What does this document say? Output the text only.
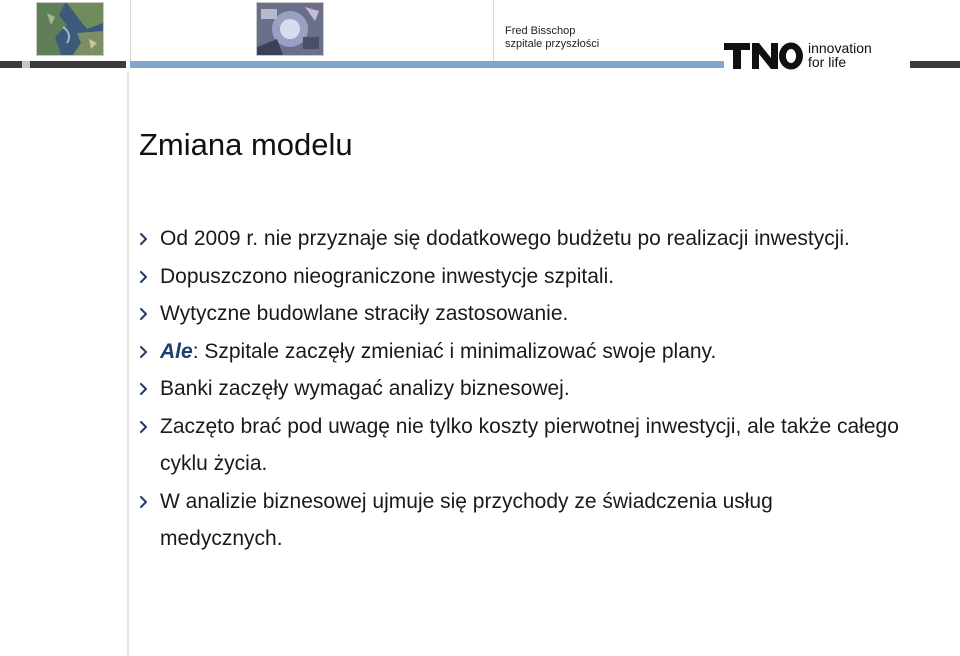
Fred Bisschop
szpitale przyszłości	innovation
for life
Zmiana modelu
Od 2009 r. nie przyznaje się dodatkowego budżetu po realizacji inwestycji.
Dopuszczono nieograniczone inwestycje szpitali.
Wytyczne budowlane straciły zastosowanie.
Ale: Szpitale zaczęły zmieniać i minimalizować swoje plany.
Banki zaczęły wymagać analizy biznesowej.
Zaczęto brać pod uwagę nie tylko koszty pierwotnej inwestycji, ale także całego cyklu życia.
W analizie biznesowej ujmuje się przychody ze świadczenia usług medycznych.
